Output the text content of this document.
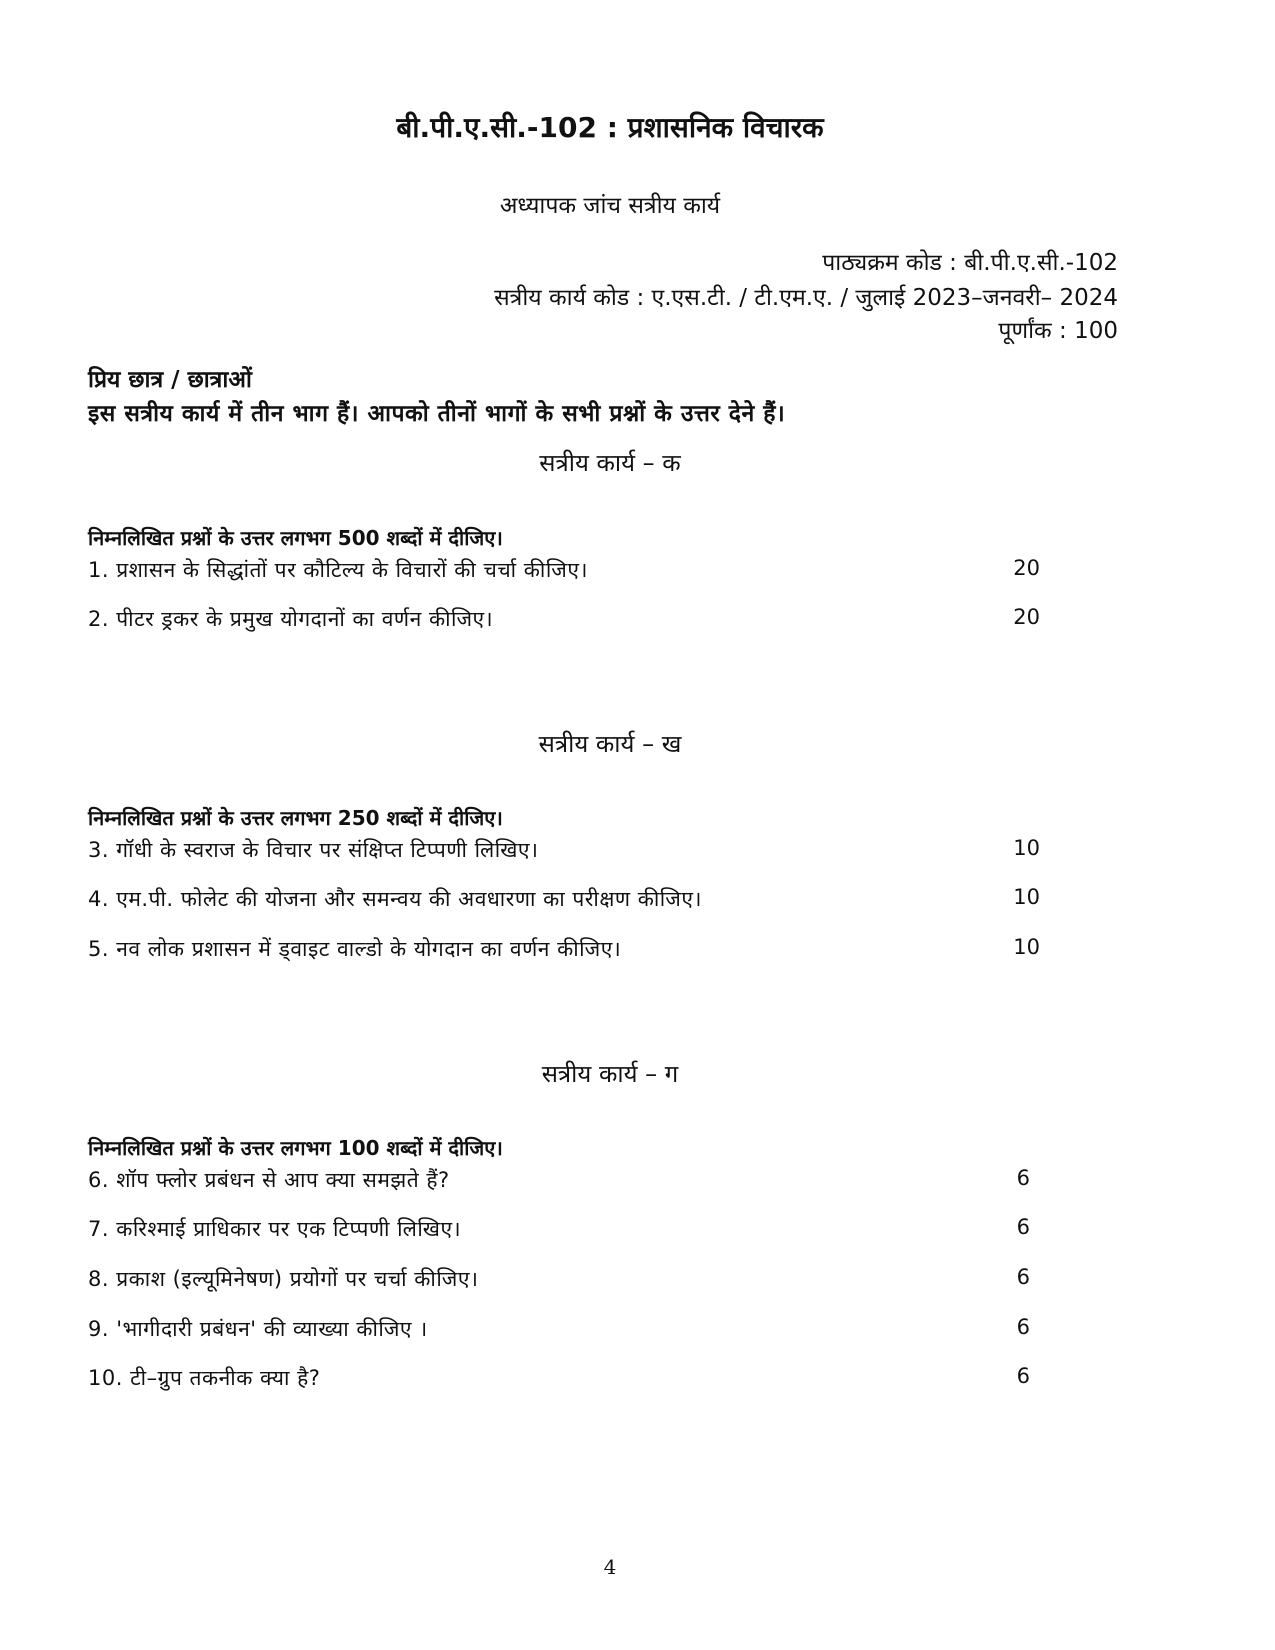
बी.पी.ए.सी.-102 : प्रशासनिक विचारक
अध्यापक जांच सत्रीय कार्य
पाठ्यक्रम कोड : बी.पी.ए.सी.-102
सत्रीय कार्य कोड : ए.एस.टी. / टी.एम.ए. / जुलाई 2023–जनवरी– 2024
पूर्णांक : 100
प्रिय छात्र / छात्राओं
इस सत्रीय कार्य में तीन भाग हैं। आपको तीनों भागों के सभी प्रश्नों के उत्तर देने हैं।
सत्रीय कार्य – क
निम्नलिखित प्रश्नों के उत्तर लगभग 500 शब्दों में दीजिए।
1. प्रशासन के सिद्धांतों पर कौटिल्य के विचारों की चर्चा कीजिए।	20
2. पीटर ड्रकर के प्रमुख योगदानों का वर्णन कीजिए।	20
सत्रीय कार्य – ख
निम्नलिखित प्रश्नों के उत्तर लगभग 250 शब्दों में दीजिए।
3. गॉधी के स्वराज के विचार पर संक्षिप्त टिप्पणी लिखिए।	10
4. एम.पी. फोलेट की योजना और समन्वय की अवधारणा का परीक्षण कीजिए।	10
5. नव लोक प्रशासन में ड्वाइट वाल्डो के योगदान का वर्णन कीजिए।	10
सत्रीय कार्य – ग
निम्नलिखित प्रश्नों के उत्तर लगभग 100 शब्दों में दीजिए।
6. शॉप फ्लोर प्रबंधन से आप क्या समझते हैं?	6
7. करिश्माई प्राधिकार पर एक टिप्पणी लिखिए।	6
8. प्रकाश (इल्यूमिनेषण) प्रयोगों पर चर्चा कीजिए।	6
9. 'भागीदारी प्रबंधन' की व्याख्या कीजिए ।	6
10. टी–ग्रुप तकनीक क्या है?	6
4
